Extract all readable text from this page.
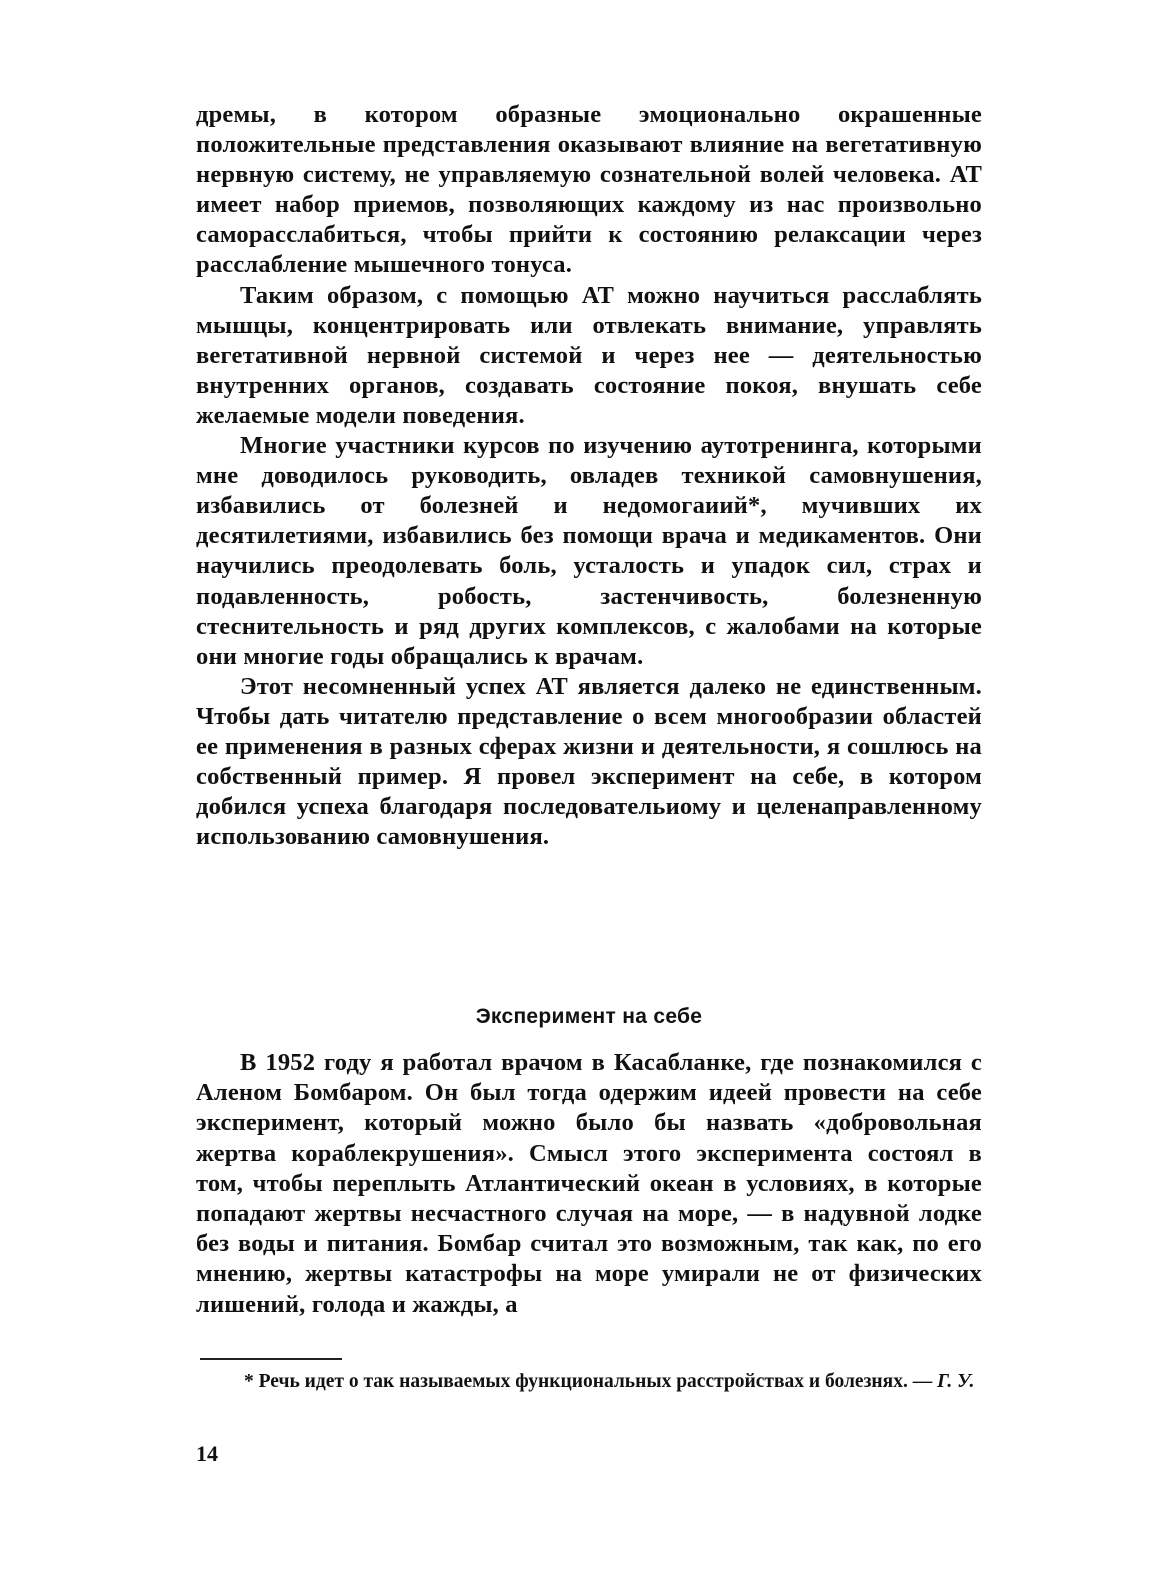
дремы, в котором образные эмоционально окрашенные положительные представления оказывают влияние на вегетативную нервную систему, не управляемую сознательной волей человека. АТ имеет набор приемов, позволяющих каждому из нас произвольно саморасслабиться, чтобы прийти к состоянию релаксации через расслабление мышечного тонуса.

Таким образом, с помощью АТ можно научиться расслаблять мышцы, концентрировать или отвлекать внимание, управлять вегетативной нервной системой и через нее — деятельностью внутренних органов, создавать состояние покоя, внушать себе желаемые модели поведения.

Многие участники курсов по изучению аутотренинга, которыми мне доводилось руководить, овладев техникой самовнушения, избавились от болезней и недомогаиий*, мучивших их десятилетиями, избавились без помощи врача и медикаментов. Они научились преодолевать боль, усталость и упадок сил, страх и подавленность, робость, застенчивость, болезненную стеснительность и ряд других комплексов, с жалобами на которые они многие годы обращались к врачам.

Этот несомненный успех АТ является далеко не единственным. Чтобы дать читателю представление о всем многообразии областей ее применения в разных сферах жизни и деятельности, я сошлюсь на собственный пример. Я провел эксперимент на себе, в котором добился успеха благодаря последовательиому и целенаправленному использованию самовнушения.

Эксперимент на себе

В 1952 году я работал врачом в Касабланке, где познакомился с Аленом Бомбаром. Он был тогда одержим идеей провести на себе эксперимент, который можно было бы назвать «добровольная жертва кораблекрушения». Смысл этого эксперимента состоял в том, чтобы переплыть Атлантический океан в условиях, в которые попадают жертвы несчастного случая на море, — в надувной лодке без воды и питания. Бомбар считал это возможным, так как, по его мнению, жертвы катастрофы на море умирали не от физических лишений, голода и жажды, а

* Речь идет о так называемых функциональных расстройствах и болезнях. — Г. У.
14
